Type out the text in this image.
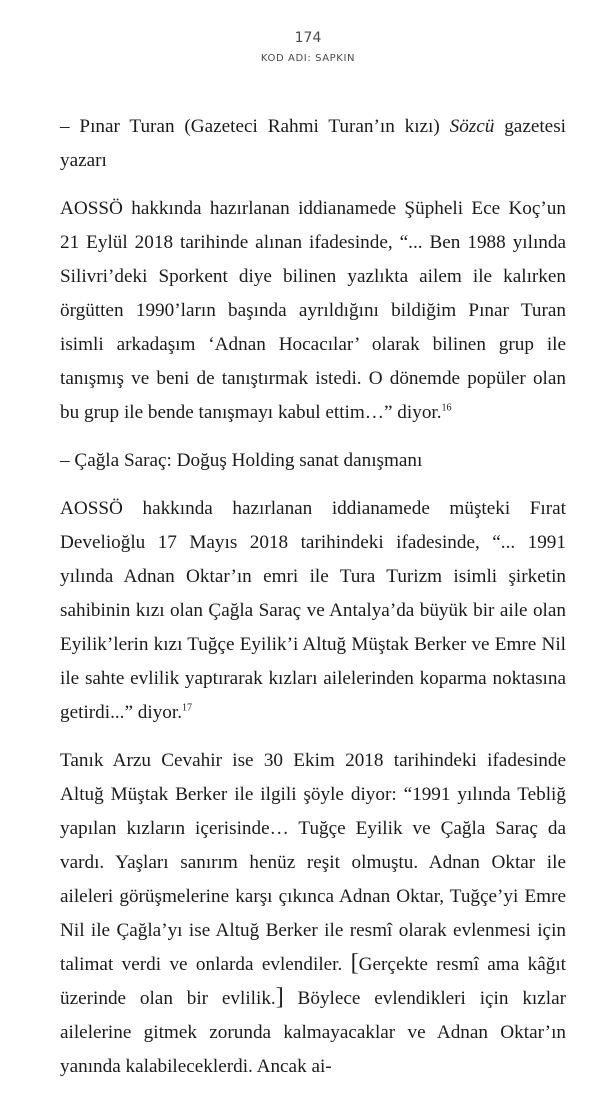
174
KOD ADI: SAPKIN

– Pınar Turan (Gazeteci Rahmi Turan’ın kızı) Sözcü gazetesi yazarı

AOSSÖ hakkında hazırlanan iddianamede Şüpheli Ece Koç’un 21 Eylül 2018 tarihinde alınan ifadesinde, “... Ben 1988 yılında Silivri’deki Sporkent diye bilinen yazlıkta ailem ile kalırken örgütten 1990’ların başında ayrıldığını bildiğim Pınar Turan isimli arkadaşım ‘Adnan Hocacılar’ olarak bilinen grup ile tanışmış ve beni de tanıştırmak istedi. O dönemde popüler olan bu grup ile bende tanışmayı kabul ettim…” diyor.$^{16}$

– Çağla Saraç: Doğuş Holding sanat danışmanı

AOSSÖ hakkında hazırlanan iddianamede müşteki Fırat Develioğlu 17 Mayıs 2018 tarihindeki ifadesinde, “... 1991 yılında Adnan Oktar’ın emri ile Tura Turizm isimli şirketin sahibinin kızı olan Çağla Saraç ve Antalya’da büyük bir aile olan Eyilik’lerin kızı Tuğçe Eyilik’i Altuğ Müştak Berker ve Emre Nil ile sahte evlilik yaptırarak kızları ailelerinden koparma noktasına getirdi...” diyor.$^{17}$

Tanık Arzu Cevahir ise 30 Ekim 2018 tarihindeki ifadesinde Altuğ Müştak Berker ile ilgili şöyle diyor: “1991 yılında Tebliğ yapılan kızların içerisinde… Tuğçe Eyilik ve Çağla Saraç da vardı. Yaşları sanırım henüz reşit olmuştu. Adnan Oktar ile aileleri görüşmelerine karşı çıkınca Adnan Oktar, Tuğçe’yi Emre Nil ile Çağla’yı ise Altuğ Berker ile resmî olarak evlenmesi için talimat verdi ve onlarda evlendiler. [Gerçekte resmî ama kâğıt üzerinde olan bir evlilik.] Böylece evlendikleri için kızlar ailelerine gitmek zorunda kalmayacaklar ve Adnan Oktar’ın yanında kalabileceklerdi. Ancak ai-
